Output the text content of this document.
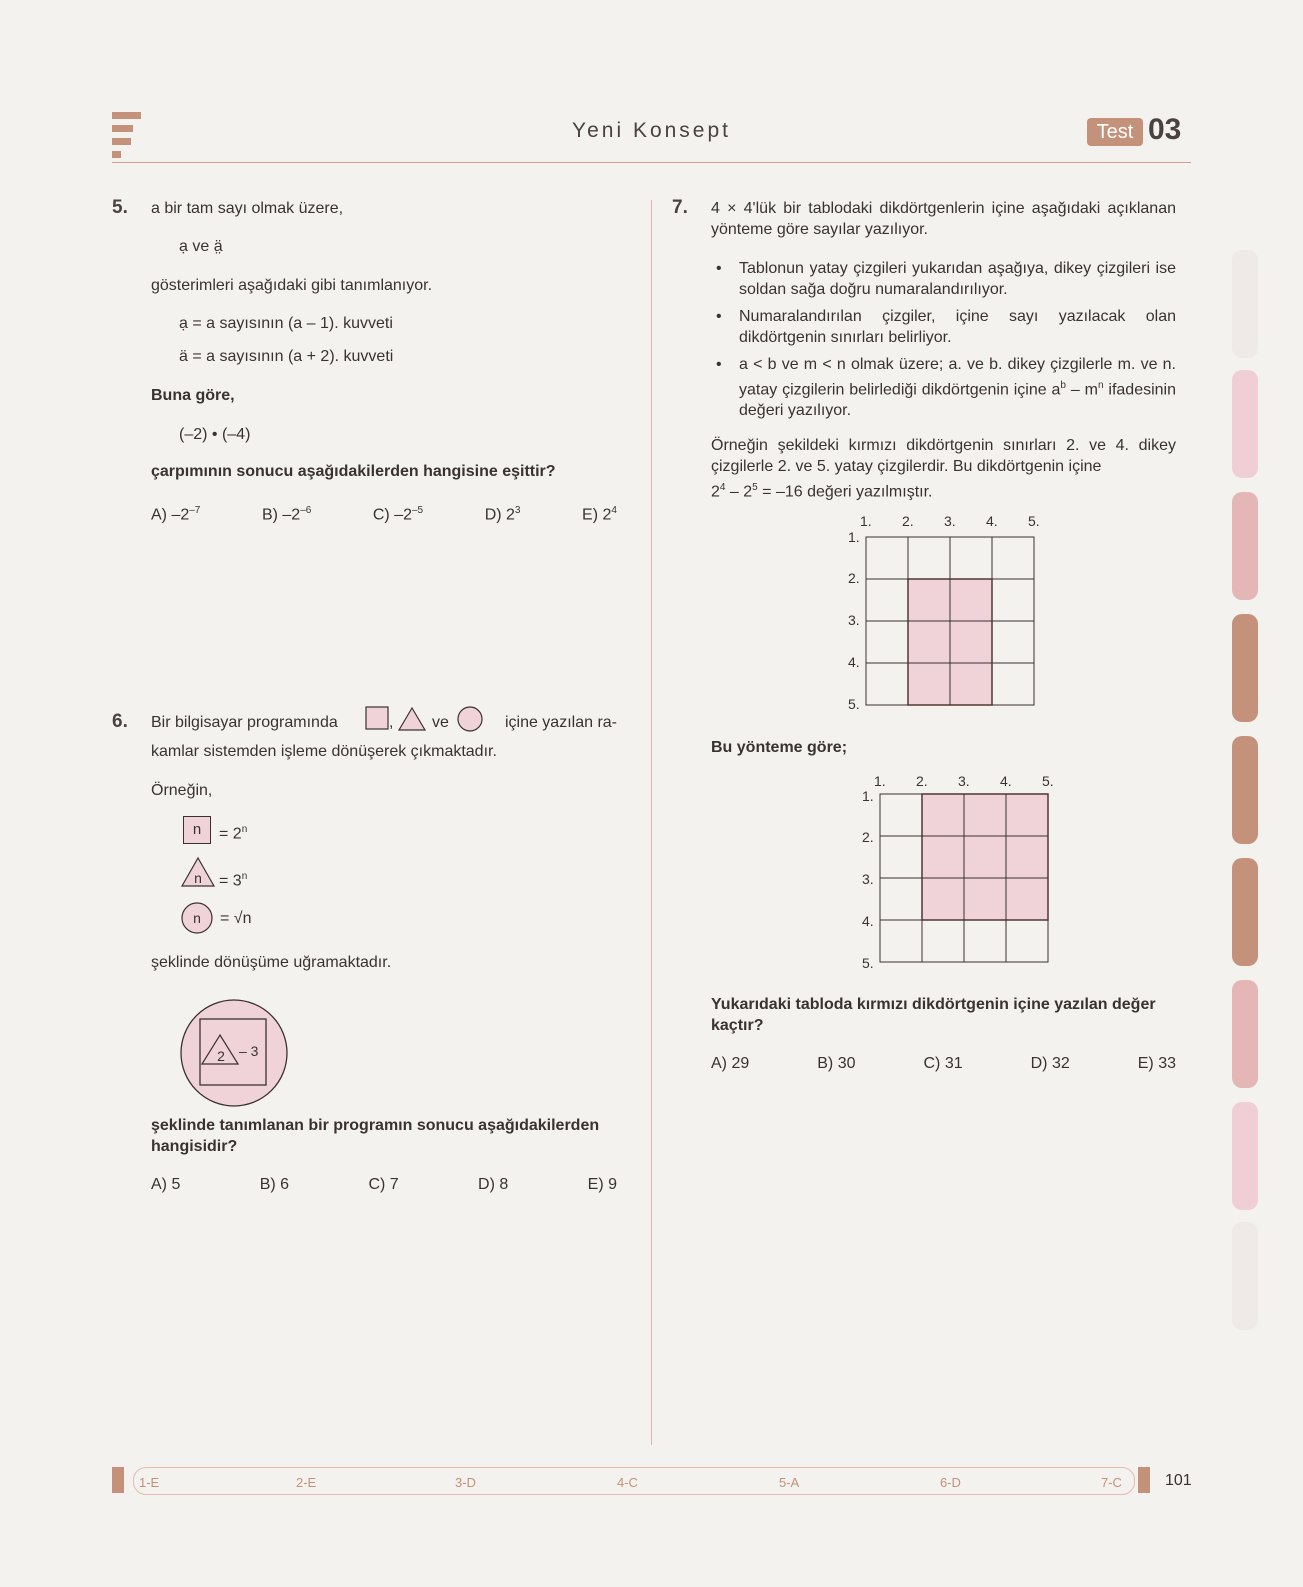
Yeni Konsept	Test 03
5. a bir tam sayı olmak üzere,
ạ ve ä̤
gösterimleri aşağıdaki gibi tanımlanıyor.
ạ = a sayısının (a – 1). kuvveti
ä = a sayısının (a + 2). kuvveti
Buna göre,
(–2) • (–4)
çarpımının sonucu aşağıdakilerden hangisine eşittir?
A) $-2^{-7}$	B) $-2^{-6}$	C) $-2^{-5}$	D) $2^3$	E) $2^4$
6. Bir bilgisayar programında	, ve	içine yazılan ra-
kamlar sistemden işleme dönüşerek çıkmaktadır.
Örneğin,
n	= $2^n$
$n = 3^n$
n = √n
şeklinde dönüşüme uğramaktadır.
2 – 3
şeklinde tanımlanan bir programın sonucu aşağıdakilerden hangisidir?
A) 5	B) 6	C) 7	D) 8	E) 9
7. 4 × 4'lük bir tablodaki dikdörtgenlerin içine aşağıdaki açıklanan yönteme göre sayılar yazılıyor.
• Tablonun yatay çizgileri yukarıdan aşağıya, dikey çizgileri ise soldan sağa doğru numaralandırılıyor.
• Numaralandırılan çizgiler, içine sayı yazılacak olan dikdörtgenin sınırları belirliyor.
• a < b ve m < n olmak üzere; a. ve b. dikey çizgilerle m. ve n. yatay çizgilerin belirlediği dikdörtgenin içine $a^b - m^n$ ifadesinin değeri yazılıyor.
Örneğin şekildeki kırmızı dikdörtgenin sınırları 2. ve 4. dikey çizgilerle 2. ve 5. yatay çizgilerdir. Bu dikdörtgenin içine
$2^4 - 2^5 = -16$ değeri yazılmıştır.
1. 2. 3. 4. 5.
1.
2.
3.
4.
5.
Bu yönteme göre;
1. 2. 3. 4. 5.
1.
2.
3.
4.
5.
Yukarıdaki tabloda kırmızı dikdörtgenin içine yazılan değer kaçtır?
A) 29	B) 30	C) 31	D) 32	E) 33
1-E	2-E	3-D	4-C	5-A	6-D	7-C	101
